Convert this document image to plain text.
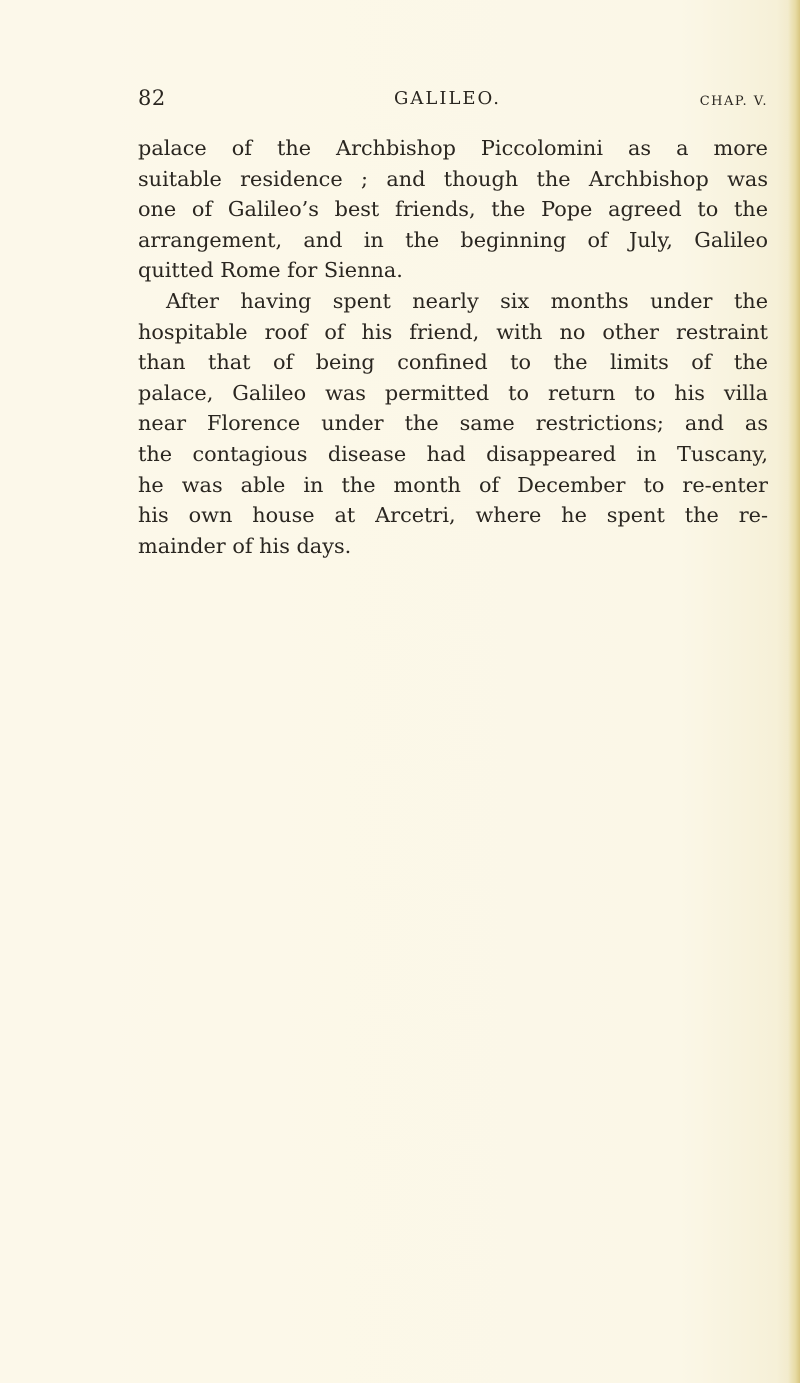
82	GALILEO.	CHAP. V.

palace of the Archbishop Piccolomini as a more
suitable residence ; and though the Archbishop was
one of Galileo’s best friends, the Pope agreed to the
arrangement, and in the beginning of July, Galileo
quitted Rome for Sienna.

After having spent nearly six months under the
hospitable roof of his friend, with no other restraint
than that of being confined to the limits of the
palace, Galileo was permitted to return to his villa
near Florence under the same restrictions; and as
the contagious disease had disappeared in Tuscany,
he was able in the month of December to re-enter
his own house at Arcetri, where he spent the re-
mainder of his days.
